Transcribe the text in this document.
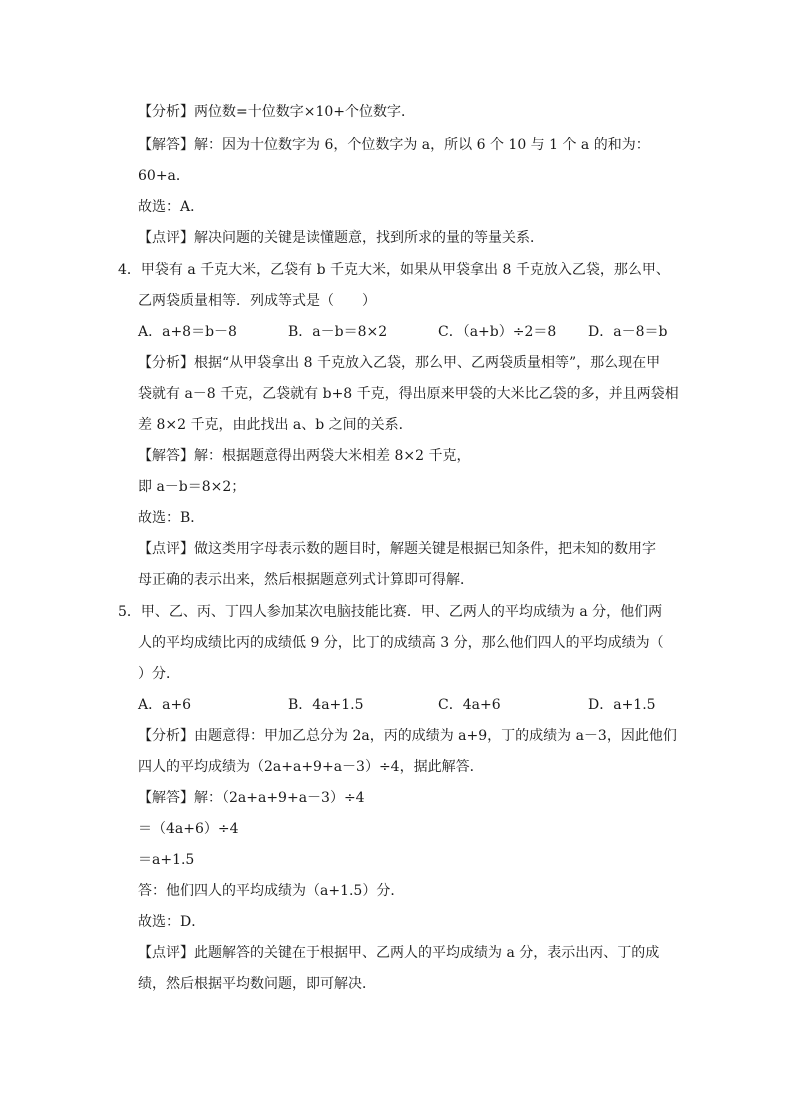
【分析】两位数=十位数字×10+个位数字．
【解答】解：因为十位数字为 6，个位数字为 a，所以 6 个 10 与 1 个 a 的和为：
60+a．
故选：A．
【点评】解决问题的关键是读懂题意，找到所求的量的等量关系．
4．甲袋有 a 千克大米，乙袋有 b 千克大米，如果从甲袋拿出 8 千克放入乙袋，那么甲、
乙两袋质量相等．列成等式是（　　）
A．a+8＝b－8	B．a－b＝8×2	C．（a+b）÷2＝8 D．a－8＝b
【分析】根据“从甲袋拿出 8 千克放入乙袋，那么甲、乙两袋质量相等”，那么现在甲
袋就有 a－8 千克，乙袋就有 b+8 千克，得出原来甲袋的大米比乙袋的多，并且两袋相
差 8×2 千克，由此找出 a、b 之间的关系．
【解答】解：根据题意得出两袋大米相差 8×2 千克，
即 a－b＝8×2；
故选：B．
【点评】做这类用字母表示数的题目时，解题关键是根据已知条件，把未知的数用字
母正确的表示出来，然后根据题意列式计算即可得解．
5．甲、乙、丙、丁四人参加某次电脑技能比赛．甲、乙两人的平均成绩为 a 分，他们两
人的平均成绩比丙的成绩低 9 分，比丁的成绩高 3 分，那么他们四人的平均成绩为（
）分．
A．a+6	B．4a+1.5	C．4a+6	D．a+1.5
【分析】由题意得：甲加乙总分为 2a，丙的成绩为 a+9，丁的成绩为 a－3，因此他们
四人的平均成绩为（2a+a+9+a－3）÷4，据此解答．
【解答】解：（2a+a+9+a－3）÷4
＝（4a+6）÷4
＝a+1.5
答：他们四人的平均成绩为（a+1.5）分．
故选：D．
【点评】此题解答的关键在于根据甲、乙两人的平均成绩为 a 分，表示出丙、丁的成
绩，然后根据平均数问题，即可解决．
